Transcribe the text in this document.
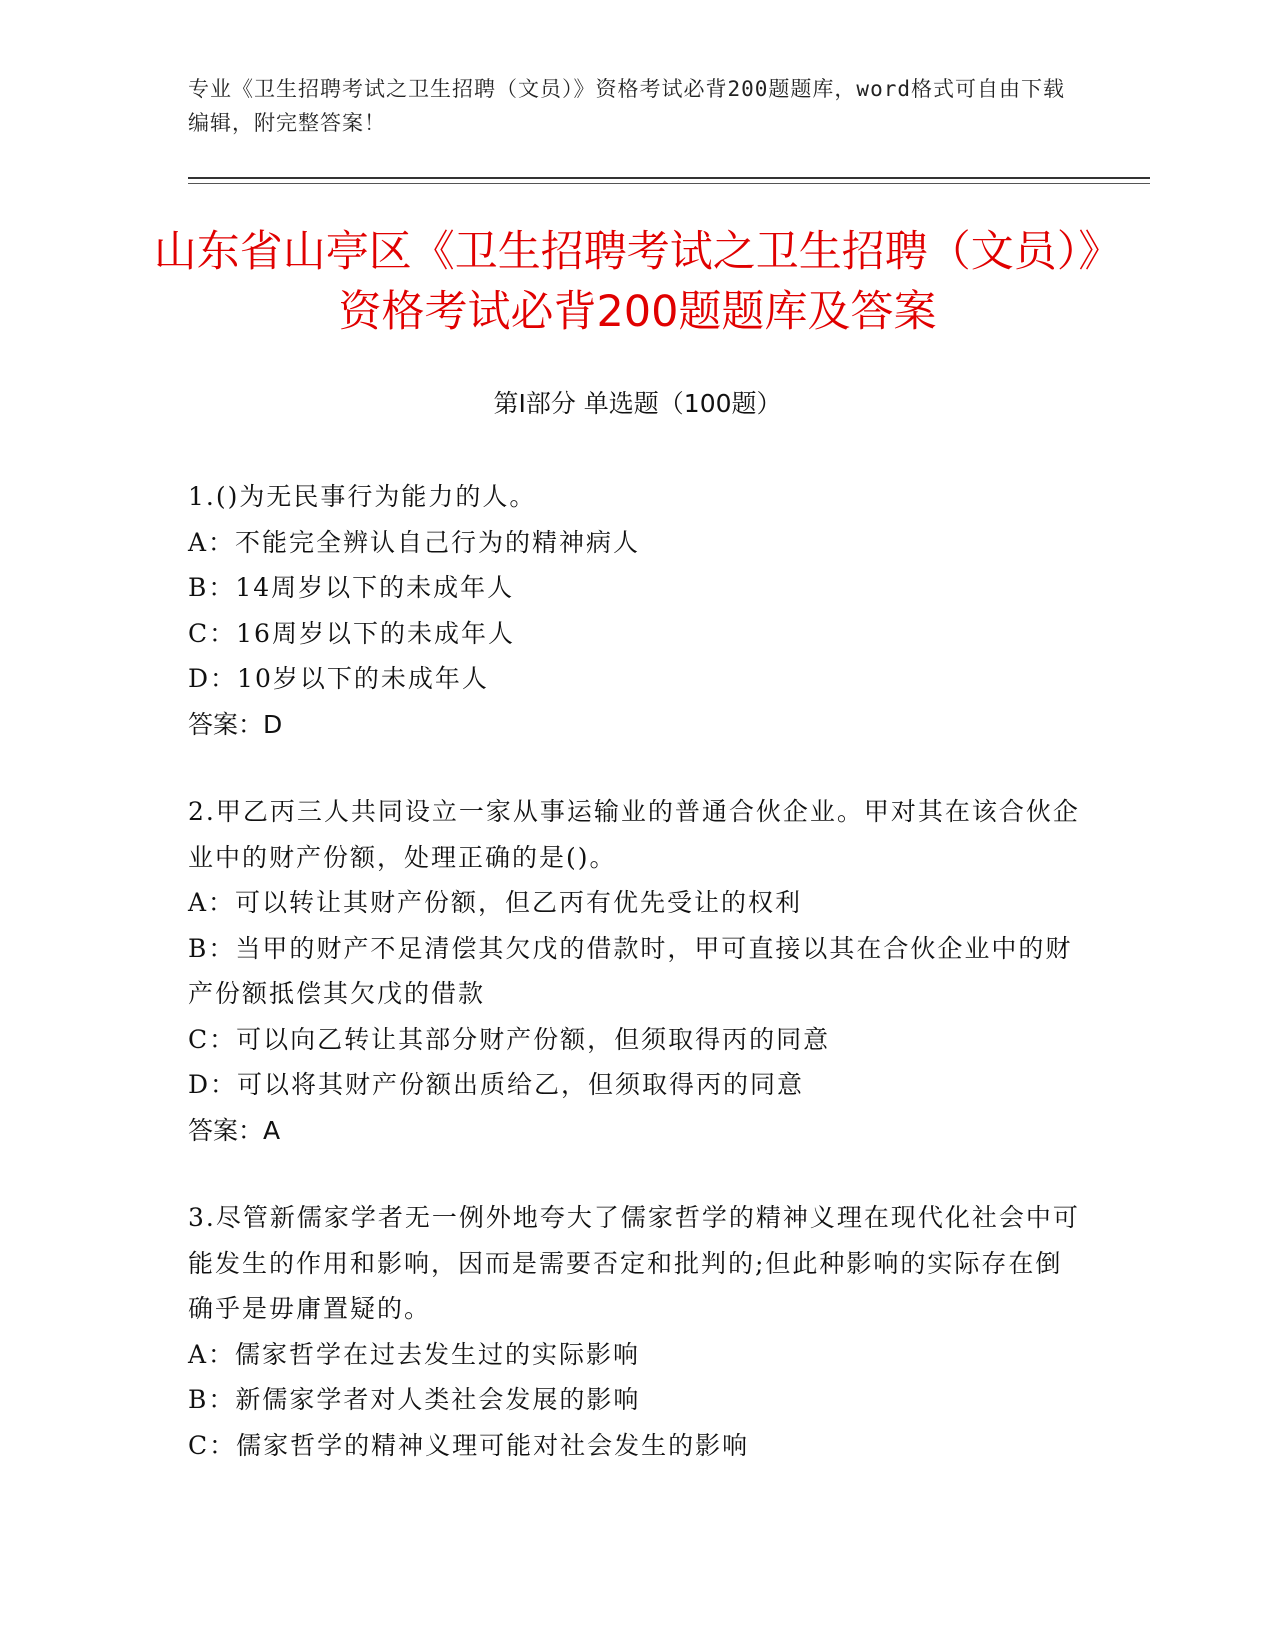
专业《卫生招聘考试之卫生招聘（文员）》资格考试必背200题题库，word格式可自由下载编辑，附完整答案！
山东省山亭区《卫生招聘考试之卫生招聘（文员）》资格考试必背200题题库及答案
第Ⅰ部分 单选题（100题）
1.()为无民事行为能力的人。
A：不能完全辨认自己行为的精神病人
B：14周岁以下的未成年人
C：16周岁以下的未成年人
D：10岁以下的未成年人
答案：D
2.甲乙丙三人共同设立一家从事运输业的普通合伙企业。甲对其在该合伙企业中的财产份额，处理正确的是()。
A：可以转让其财产份额，但乙丙有优先受让的权利
B：当甲的财产不足清偿其欠戊的借款时，甲可直接以其在合伙企业中的财产份额抵偿其欠戊的借款
C：可以向乙转让其部分财产份额，但须取得丙的同意
D：可以将其财产份额出质给乙，但须取得丙的同意
答案：A
3.尽管新儒家学者无一例外地夸大了儒家哲学的精神义理在现代化社会中可能发生的作用和影响，因而是需要否定和批判的;但此种影响的实际存在倒确乎是毋庸置疑的。
A：儒家哲学在过去发生过的实际影响
B：新儒家学者对人类社会发展的影响
C：儒家哲学的精神义理可能对社会发生的影响
